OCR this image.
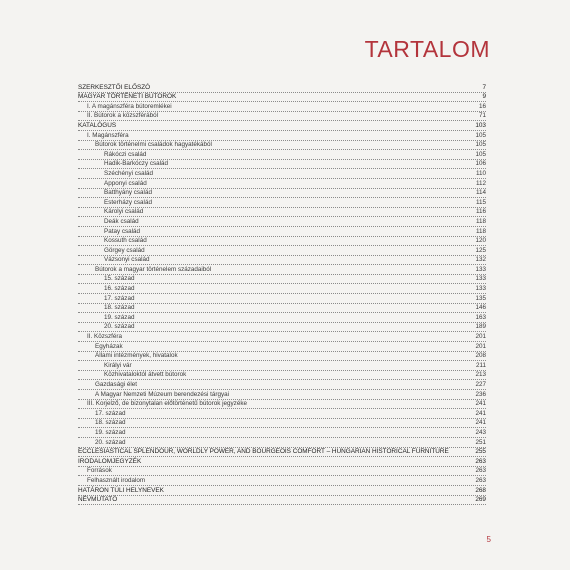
TARTALOM
SZERKESZTŐI ELŐSZÓ	7
MAGYAR TÖRTÉNETI BÚTOROK	9
I. A magánszféra bútoremlékei	16
II. Bútorok a közszférából	71
KATALÓGUS	103
I. Magánszféra	105
Bútorok történelmi családok hagyatékából	105
Rákóczi család	105
Hadik-Barkóczy család	106
Széchényi család	110
Apponyi család	112
Batthyány család	114
Esterházy család	115
Károlyi család	116
Deák család	118
Patay család	118
Kossuth család	120
Görgey család	125
Vázsonyi család	132
Bútorok a magyar történelem századaiból	133
15. század	133
16. század	133
17. század	135
18. század	146
19. század	163
20. század	189
II. Közszféra	201
Egyházak	201
Állami intézmények, hivatalok	208
Királyi vár	211
Közhivataloktól átvett bútorok	213
Gazdasági élet	227
A Magyar Nemzeti Múzeum berendezési tárgyai	236
III. Korjelző, de bizonytalan előtörténetű bútorok jegyzéke	241
17. század	241
18. század	241
19. század	243
20. század	251
ECCLESIASTICAL SPLENDOUR, WORLDLY POWER, AND BOURGEOIS COMFORT – HUNGARIAN HISTORICAL FURNITURE	255
IRODALOMJEGYZÉK	263
Források	263
Felhasznált irodalom	263
HATÁRON TÚLI HELYNEVEK	268
NÉVMUTATÓ	269
5
